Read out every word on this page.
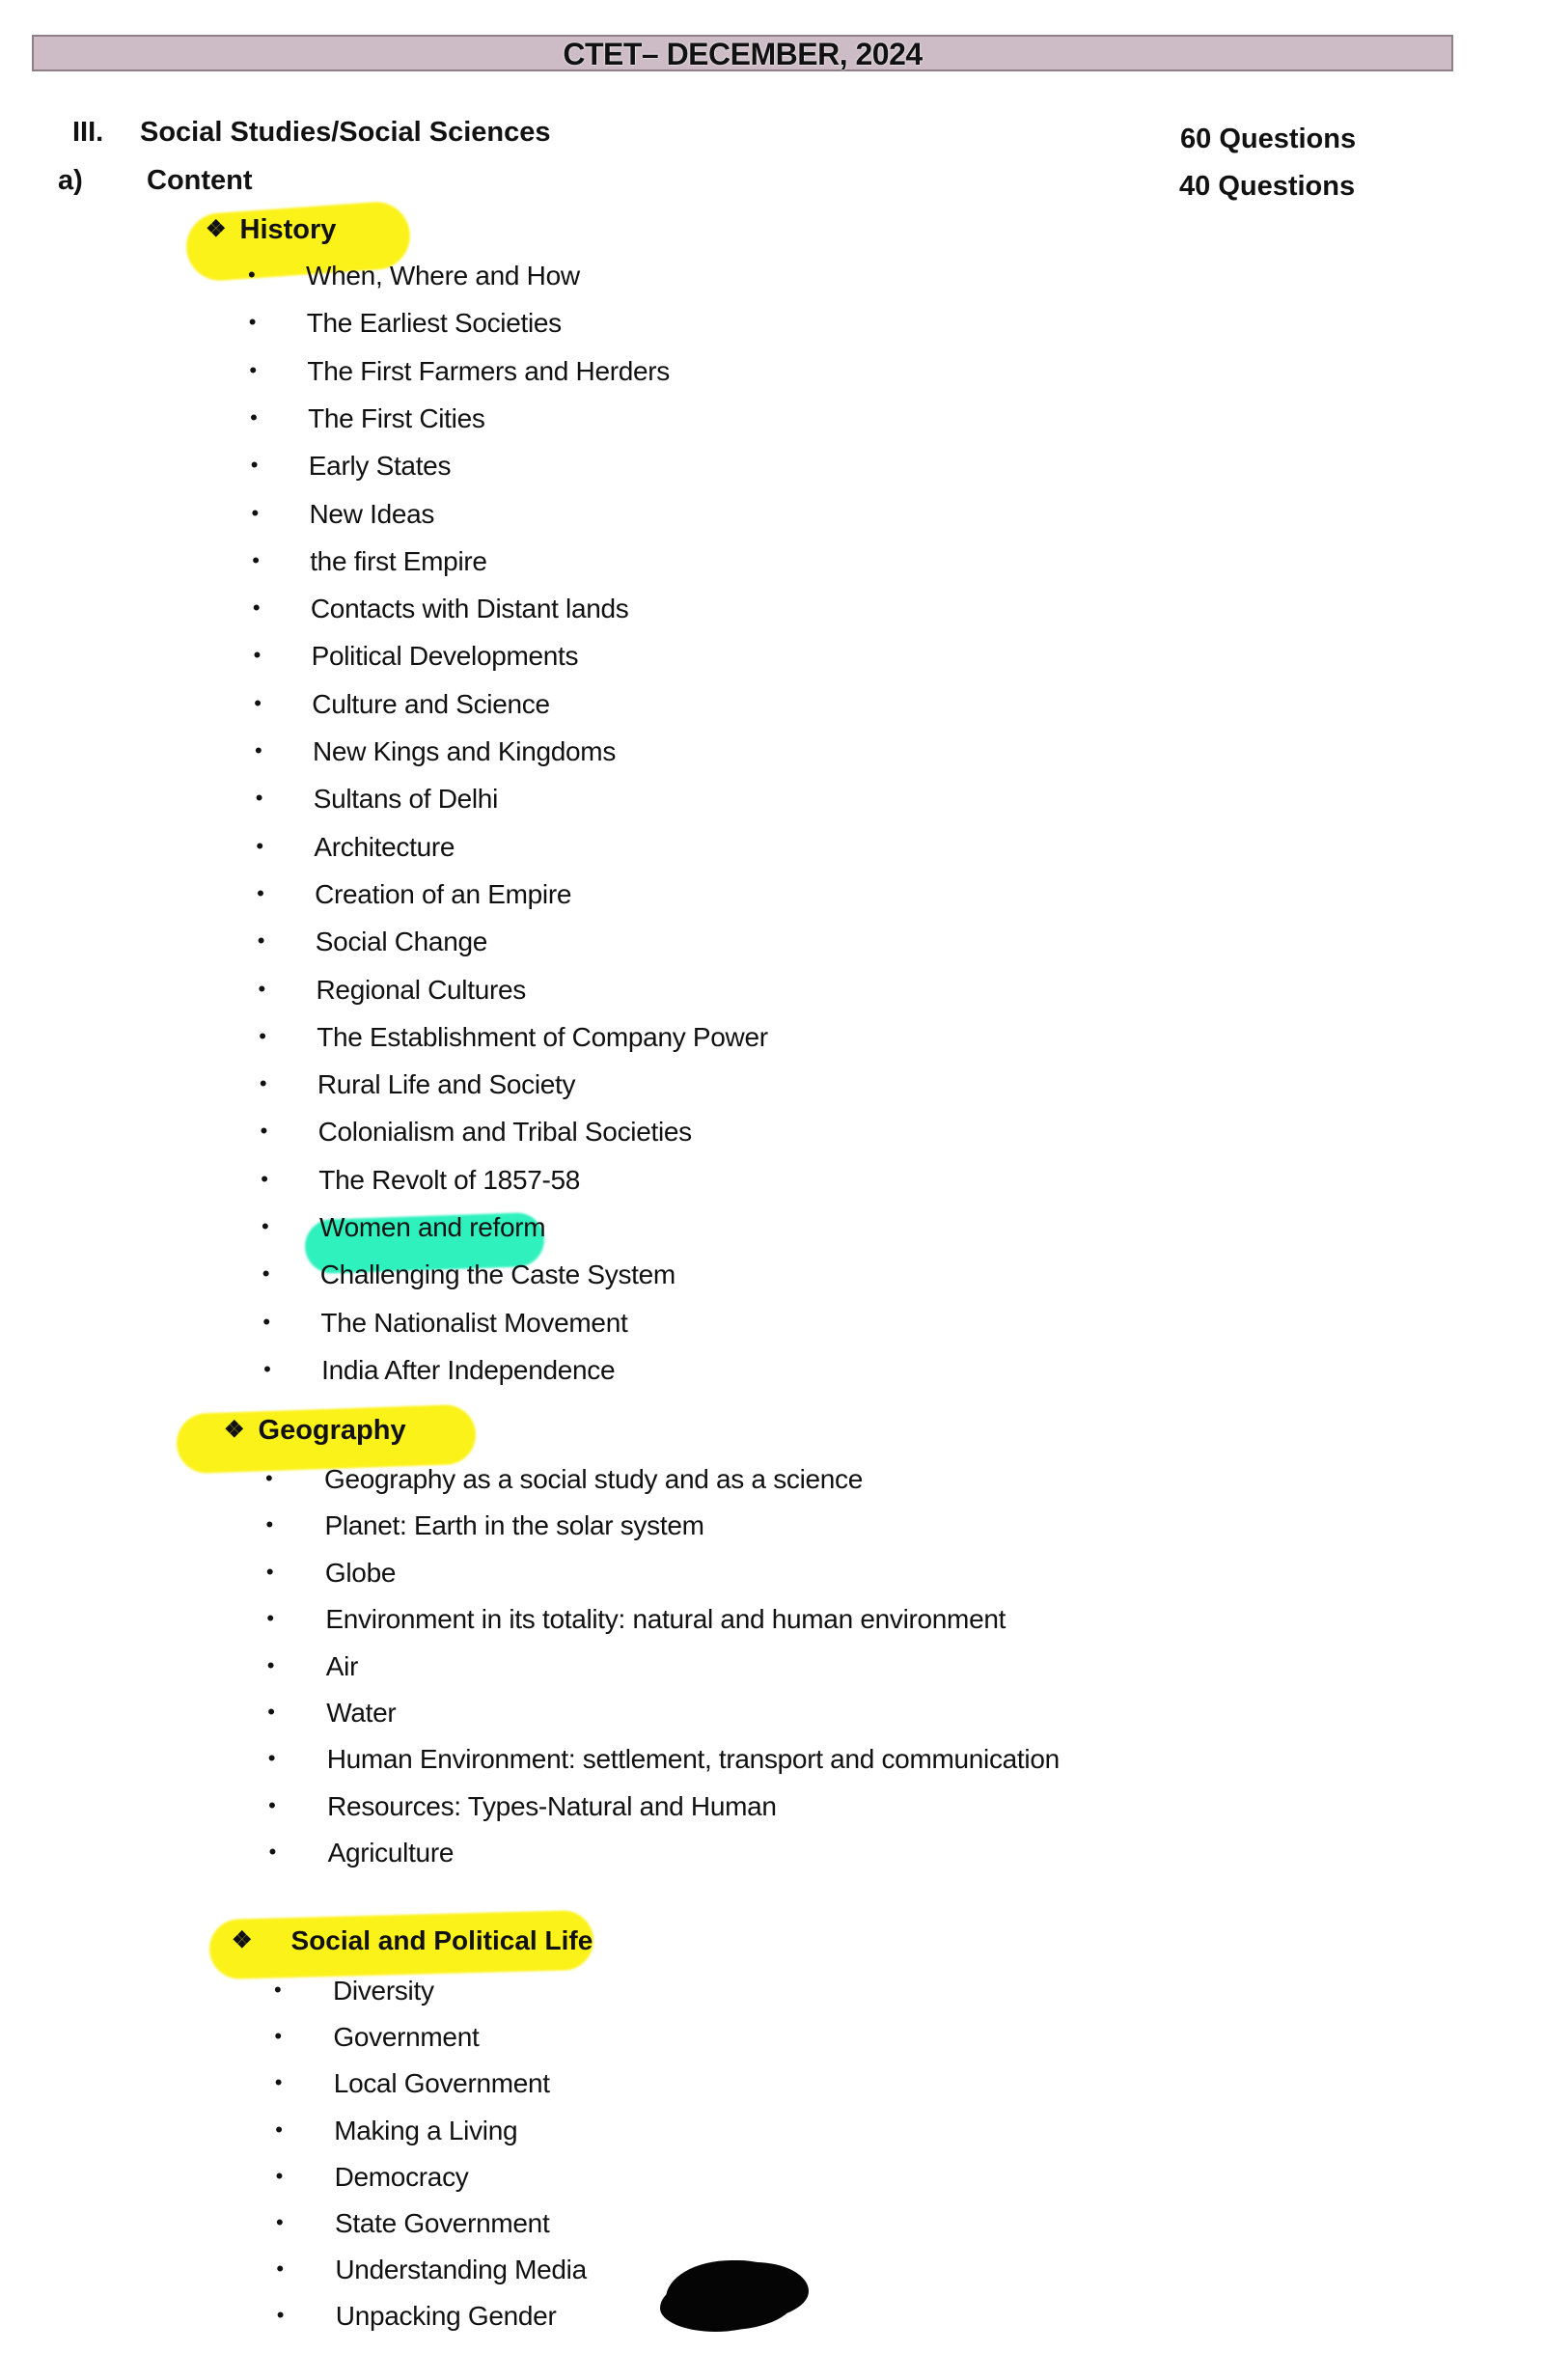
CTET– DECEMBER, 2024
III. Social Studies/Social Sciences	60 Questions
a) Content	40 Questions
❖ History
• When, Where and How
• The Earliest Societies
• The First Farmers and Herders
• The First Cities
• Early States
• New Ideas
• the first Empire
• Contacts with Distant lands
• Political Developments
• Culture and Science
• New Kings and Kingdoms
• Sultans of Delhi
• Architecture
• Creation of an Empire
• Social Change
• Regional Cultures
• The Establishment of Company Power
• Rural Life and Society
• Colonialism and Tribal Societies
• The Revolt of 1857-58
• Women and reform
• Challenging the Caste System
• The Nationalist Movement
• India After Independence
❖ Geography
• Geography as a social study and as a science
• Planet: Earth in the solar system
• Globe
• Environment in its totality: natural and human environment
• Air
• Water
• Human Environment: settlement, transport and communication
• Resources: Types-Natural and Human
• Agriculture
❖ Social and Political Life
• Diversity
• Government
• Local Government
• Making a Living
• Democracy
• State Government
• Understanding Media
• Unpacking Gender
